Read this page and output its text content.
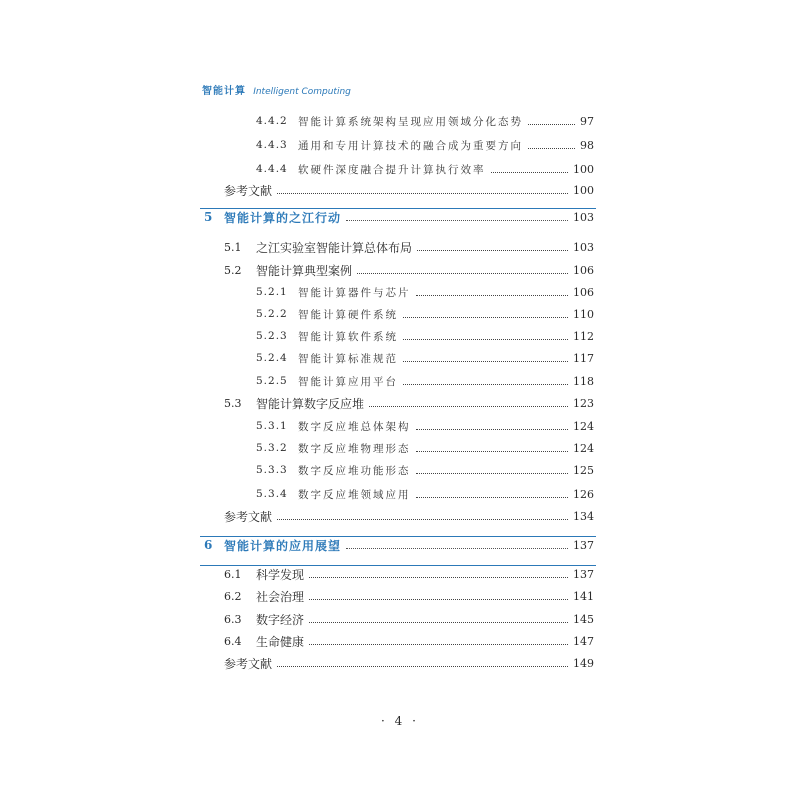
智能计算 Intelligent Computing
4.4.2 智能计算系统架构呈现应用领域分化态势	97
4.4.3 通用和专用计算技术的融合成为重要方向	98
4.4.4 软硬件深度融合提升计算执行效率	100
参考文献	100
5 智能计算的之江行动	103
5.1	之江实验室智能计算总体布局	103
5.2	智能计算典型案例	106
5.2.1 智能计算器件与芯片	106
5.2.2 智能计算硬件系统	110
5.2.3 智能计算软件系统	112
5.2.4 智能计算标准规范	117
5.2.5 智能计算应用平台	118
5.3	智能计算数字反应堆	123
5.3.1 数字反应堆总体架构	124
5.3.2 数字反应堆物理形态	124
5.3.3 数字反应堆功能形态	125
5.3.4 数字反应堆领域应用	126
参考文献	134
6 智能计算的应用展望	137
6.1	科学发现	137
6.2	社会治理	141
6.3	数字经济	145
6.4	生命健康	147
参考文献	149
· 4 ·
